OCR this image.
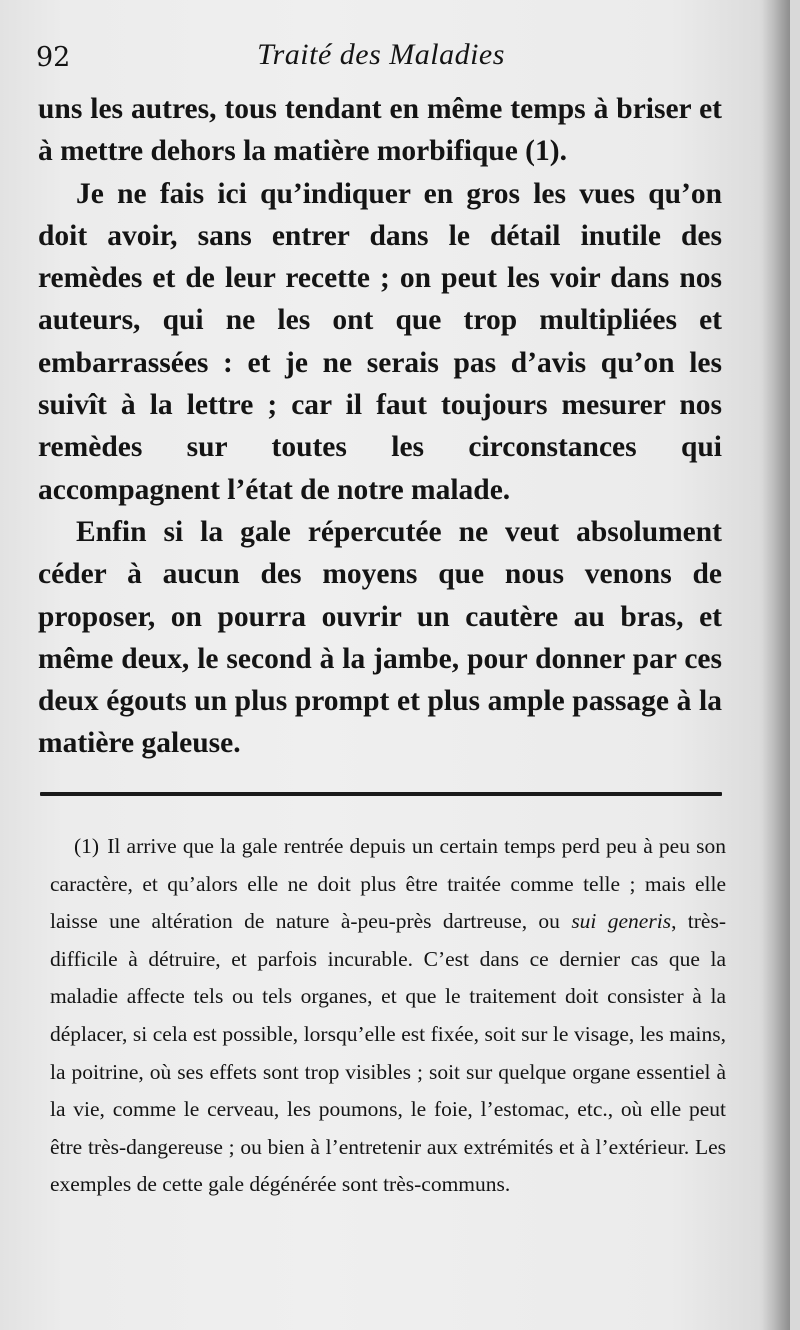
92	Traité des Maladies

uns les autres, tous tendant en même temps à briser et à mettre dehors la matière morbifique (1).

Je ne fais ici qu’indiquer en gros les vues qu’on doit avoir, sans entrer dans le détail inutile des remèdes et de leur recette ; on peut les voir dans nos auteurs, qui ne les ont que trop multipliées et embarrassées : et je ne serais pas d’avis qu’on les suivît à la lettre ; car il faut toujours mesurer nos remèdes sur toutes les circonstances qui accompagnent l’état de notre malade.

Enfin si la gale répercutée ne veut absolument céder à aucun des moyens que nous venons de proposer, on pourra ouvrir un cautère au bras, et même deux, le second à la jambe, pour donner par ces deux égouts un plus prompt et plus ample passage à la matière galeuse.

(1) Il arrive que la gale rentrée depuis un certain temps perd peu à peu son caractère, et qu’alors elle ne doit plus être traitée comme telle ; mais elle laisse une altération de nature à-peu-près dartreuse, ou sui generis, très-difficile à détruire, et parfois incurable. C’est dans ce dernier cas que la maladie affecte tels ou tels organes, et que le traitement doit consister à la déplacer, si cela est possible, lorsqu’elle est fixée, soit sur le visage, les mains, la poitrine, où ses effets sont trop visibles ; soit sur quelque organe essentiel à la vie, comme le cerveau, les poumons, le foie, l’estomac, etc., où elle peut être très-dangereuse ; ou bien à l’entretenir aux extrémités et à l’extérieur. Les exemples de cette gale dégénérée sont très-communs.
